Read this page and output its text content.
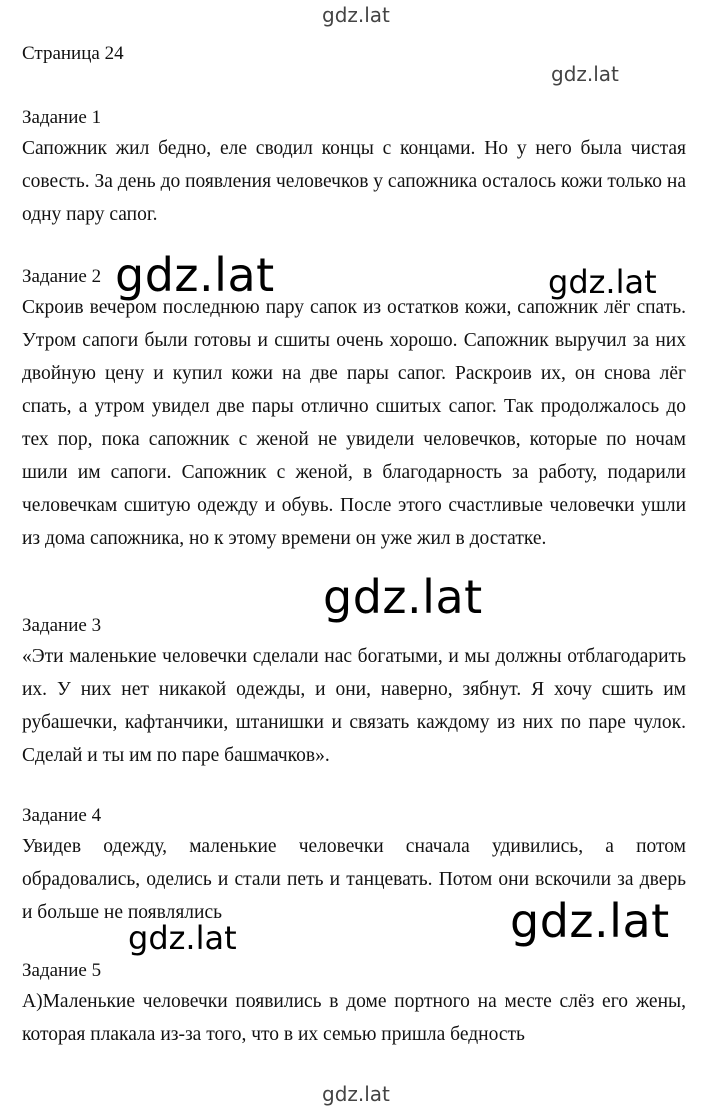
gdz.lat
gdz.lat
Страница 24

Задание 1

Сапожник жил бедно, еле сводил концы с концами. Но у него была чистая совесть. За день до появления человечков у сапожника осталось кожи только на одну пару сапог.

Задание 2

Скроив вечером последнюю пару сапок из остатков кожи, сапожник лёг спать. Утром сапоги были готовы и сшиты очень хорошо. Сапожник выручил за них двойную цену и купил кожи на две пары сапог. Раскроив их, он снова лёг спать, а утром увидел две пары отлично сшитых сапог. Так продолжалось до тех пор, пока сапожник с женой не увидели человечков, которые по ночам шили им сапоги. Сапожник с женой, в благодарность за работу, подарили человечкам сшитую одежду и обувь. После этого счастливые человечки ушли из дома сапожника, но к этому времени он уже жил в достатке.

Задание 3

«Эти маленькие человечки сделали нас богатыми, и мы должны отблагодарить их. У них нет никакой одежды, и они, наверно, зябнут. Я хочу сшить им рубашечки, кафтанчики, штанишки и связать каждому из них по паре чулок. Сделай и ты им по паре башмачков».

Задание 4

Увидев одежду, маленькие человечки сначала удивились, а потом обрадовались, оделись и стали петь и танцевать. Потом они вскочили за дверь и больше не появлялись

Задание 5

А)Маленькие человечки появились в доме портного на месте слёз его жены, которая плакала из-за того, что в их семью пришла бедность

gdz.lat	gdz.lat
gdz.lat
gdz.lat
gdz.lat
gdz.lat
